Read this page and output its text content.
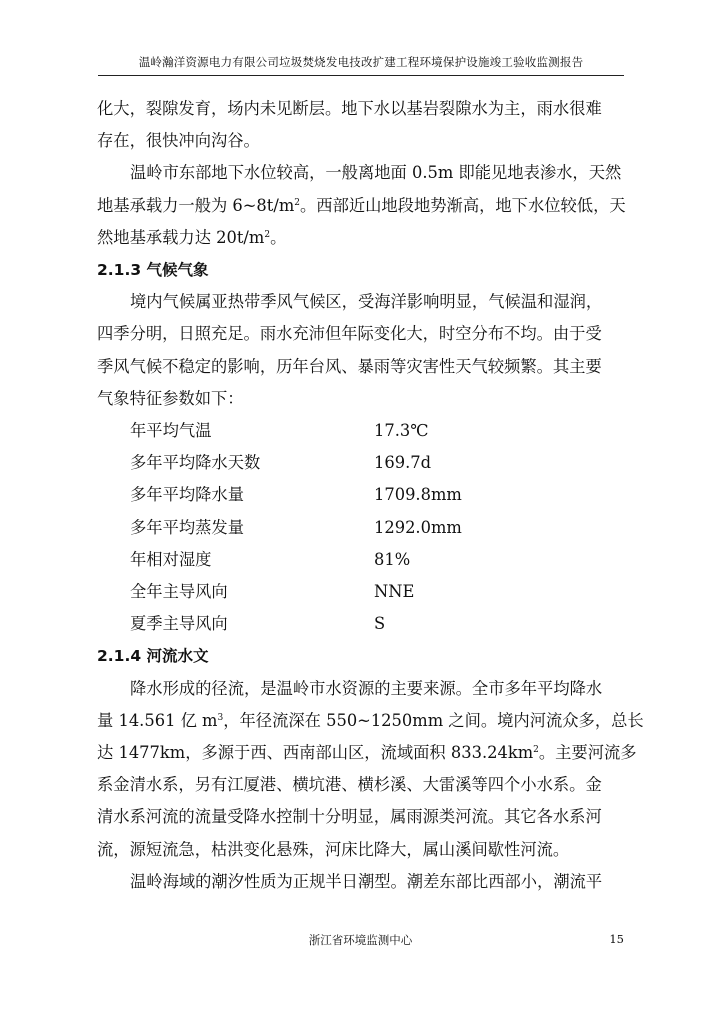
温岭瀚洋资源电力有限公司垃圾焚烧发电技改扩建工程环境保护设施竣工验收监测报告

化大，裂隙发育，场内未见断层。地下水以基岩裂隙水为主，雨水很难

存在，很快冲向沟谷。

温岭市东部地下水位较高，一般离地面 0.5m 即能见地表渗水，天然

地基承载力一般为 $6\sim 8t/m^2$。西部近山地段地势渐高，地下水位较低，天

然地基承载力达 $20t/m^2$。

2.1.3 气候气象

境内气候属亚热带季风气候区，受海洋影响明显，气候温和湿润，

四季分明，日照充足。雨水充沛但年际变化大，时空分布不均。由于受

季风气候不稳定的影响，历年台风、暴雨等灾害性天气较频繁。其主要

气象特征参数如下：

年平均气温	17.3℃

多年平均降水天数	169.7d

多年平均降水量	1709.8mm

多年平均蒸发量	1292.0mm

年相对湿度	81%

全年主导风向	NNE

夏季主导风向	S

2.1.4 河流水文

降水形成的径流，是温岭市水资源的主要来源。全市多年平均降水

量 14.561 亿 $m^3$，年径流深在 550~1250mm 之间。境内河流众多，总长

达 1477km，多源于西、西南部山区，流域面积 $833.24km^2$。主要河流多

系金清水系，另有江厦港、横坑港、横杉溪、大雷溪等四个小水系。金

清水系河流的流量受降水控制十分明显，属雨源类河流。其它各水系河

流，源短流急，枯洪变化悬殊，河床比降大，属山溪间歇性河流。

温岭海域的潮汐性质为正规半日潮型。潮差东部比西部小，潮流平

浙江省环境监测中心	15
